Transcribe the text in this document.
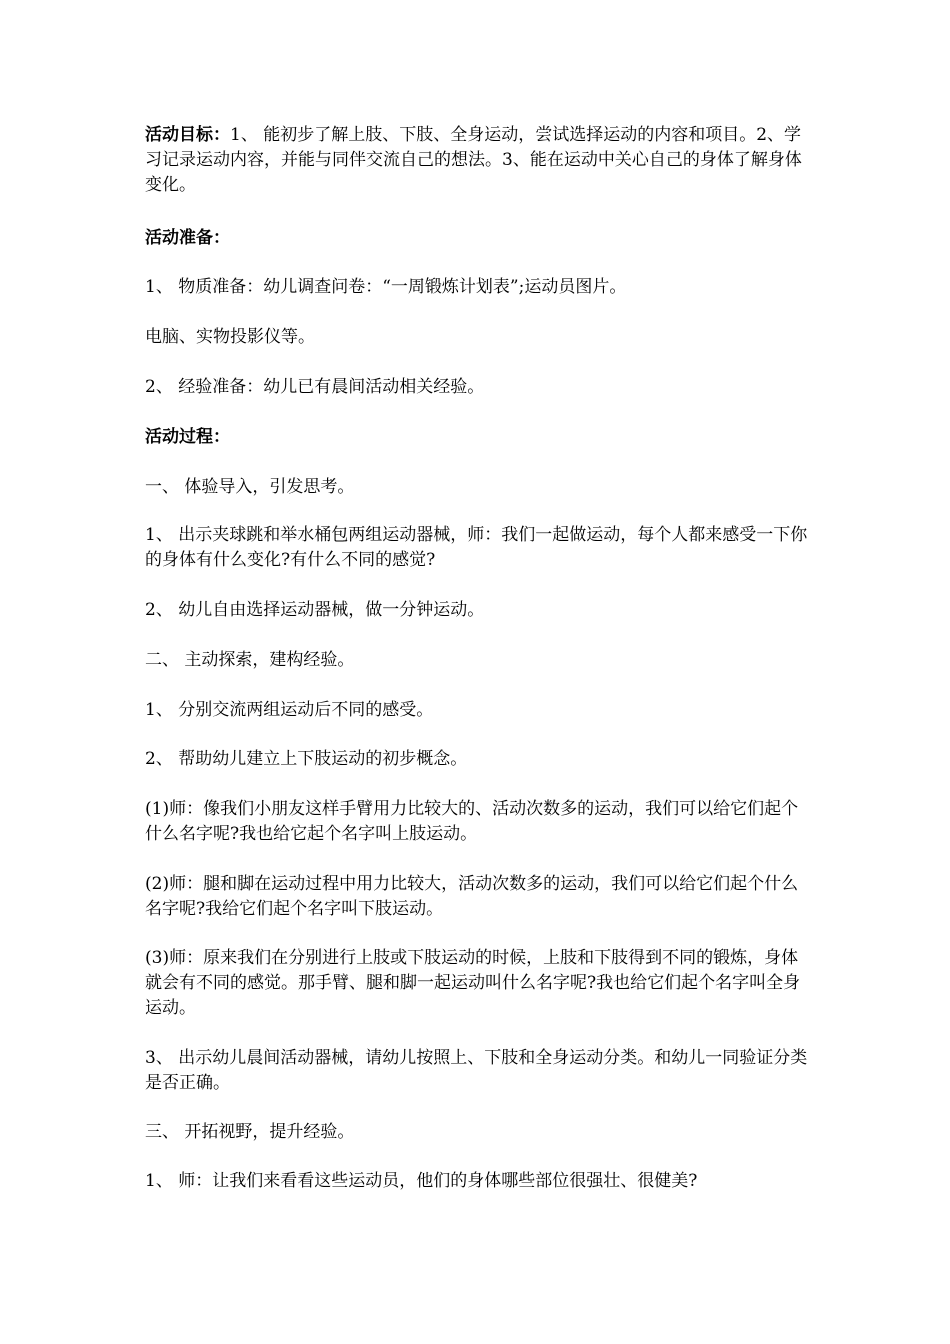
活动目标：1、 能初步了解上肢、下肢、全身运动，尝试选择运动的内容和项目。2、学习记录运动内容，并能与同伴交流自己的想法。3、能在运动中关心自己的身体了解身体变化。

活动准备：

1、 物质准备：幼儿调查问卷：“一周锻炼计划表”;运动员图片。

电脑、实物投影仪等。

2、 经验准备：幼儿已有晨间活动相关经验。

活动过程：

一、 体验导入，引发思考。

1、 出示夹球跳和举水桶包两组运动器械，师：我们一起做运动，每个人都来感受一下你的身体有什么变化?有什么不同的感觉?

2、 幼儿自由选择运动器械，做一分钟运动。

二、 主动探索，建构经验。

1、 分别交流两组运动后不同的感受。

2、 帮助幼儿建立上下肢运动的初步概念。

(1)师：像我们小朋友这样手臂用力比较大的、活动次数多的运动，我们可以给它们起个什么名字呢?我也给它起个名字叫上肢运动。

(2)师：腿和脚在运动过程中用力比较大，活动次数多的运动，我们可以给它们起个什么名字呢?我给它们起个名字叫下肢运动。

(3)师：原来我们在分别进行上肢或下肢运动的时候，上肢和下肢得到不同的锻炼，身体就会有不同的感觉。那手臂、腿和脚一起运动叫什么名字呢?我也给它们起个名字叫全身运动。

3、 出示幼儿晨间活动器械，请幼儿按照上、下肢和全身运动分类。和幼儿一同验证分类是否正确。

三、 开拓视野，提升经验。

1、 师：让我们来看看这些运动员，他们的身体哪些部位很强壮、很健美?
